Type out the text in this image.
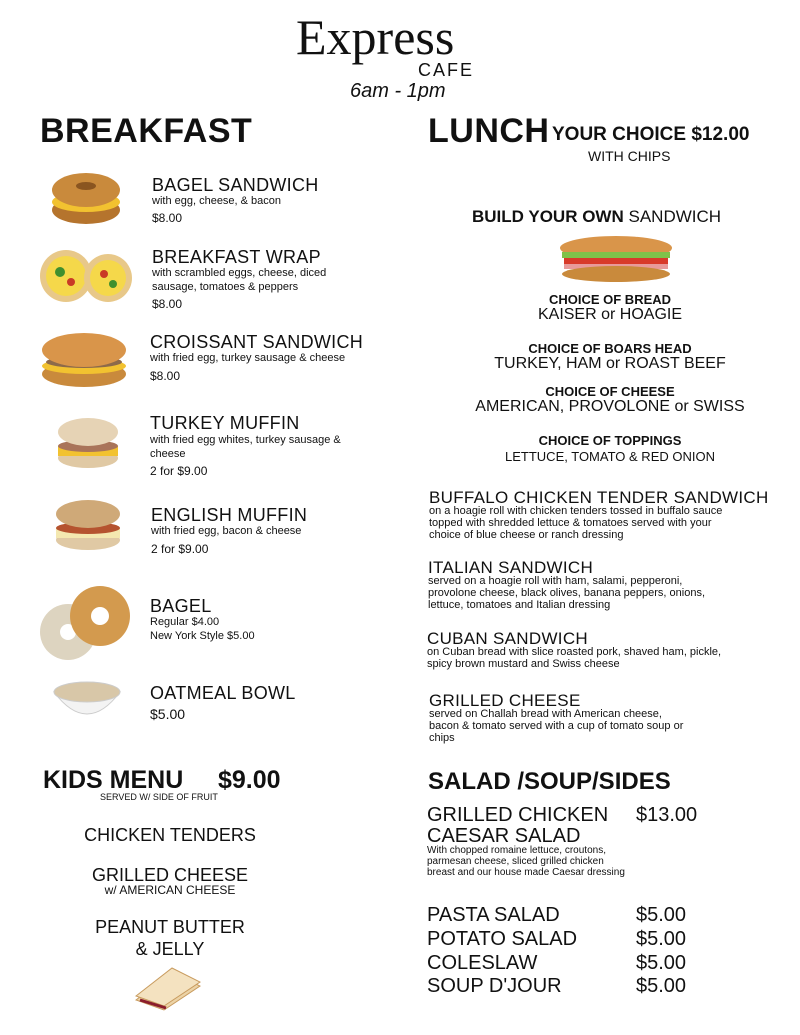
Express
CAFE
6am - 1pm
BREAKFAST
BAGEL SANDWICH
with egg, cheese, & bacon
$8.00
BREAKFAST WRAP
with scrambled eggs, cheese, diced sausage, tomatoes & peppers
$8.00
CROISSANT SANDWICH
with fried egg, turkey sausage & cheese
$8.00
TURKEY MUFFIN
with fried egg whites, turkey sausage & cheese
2 for $9.00
ENGLISH MUFFIN
with fried egg, bacon & cheese
2 for $9.00
BAGEL
Regular $4.00
New York Style $5.00
OATMEAL BOWL
$5.00
KIDS MENU $9.00
SERVED W/ SIDE OF FRUIT
CHICKEN TENDERS
GRILLED CHEESE
w/ AMERICAN CHEESE
PEANUT BUTTER
& JELLY
LUNCH YOUR CHOICE $12.00
WITH CHIPS
BUILD YOUR OWN SANDWICH
CHOICE OF BREAD
KAISER or HOAGIE
CHOICE OF BOARS HEAD
TURKEY, HAM or ROAST BEEF
CHOICE OF CHEESE
AMERICAN, PROVOLONE or SWISS
CHOICE OF TOPPINGS
LETTUCE, TOMATO & RED ONION
BUFFALO CHICKEN TENDER SANDWICH
on a hoagie roll with chicken tenders tossed in buffalo sauce topped with shredded lettuce & tomatoes served with your choice of blue cheese or ranch dressing
ITALIAN SANDWICH
served on a hoagie roll with ham, salami, pepperoni, provolone cheese, black olives, banana peppers, onions, lettuce, tomatoes and Italian dressing
CUBAN SANDWICH
on Cuban bread with slice roasted pork, shaved ham, pickle, spicy brown mustard and Swiss cheese
GRILLED CHEESE
served on Challah bread with American cheese, bacon & tomato served with a cup of tomato soup or chips
SALAD /SOUP/SIDES
GRILLED CHICKEN
CAESAR SALAD
$13.00
With chopped romaine lettuce, croutons, parmesan cheese, sliced grilled chicken breast and our house made Caesar dressing
PASTA SALAD	$5.00
POTATO SALAD	$5.00
COLESLAW	$5.00
SOUP D'JOUR	$5.00
